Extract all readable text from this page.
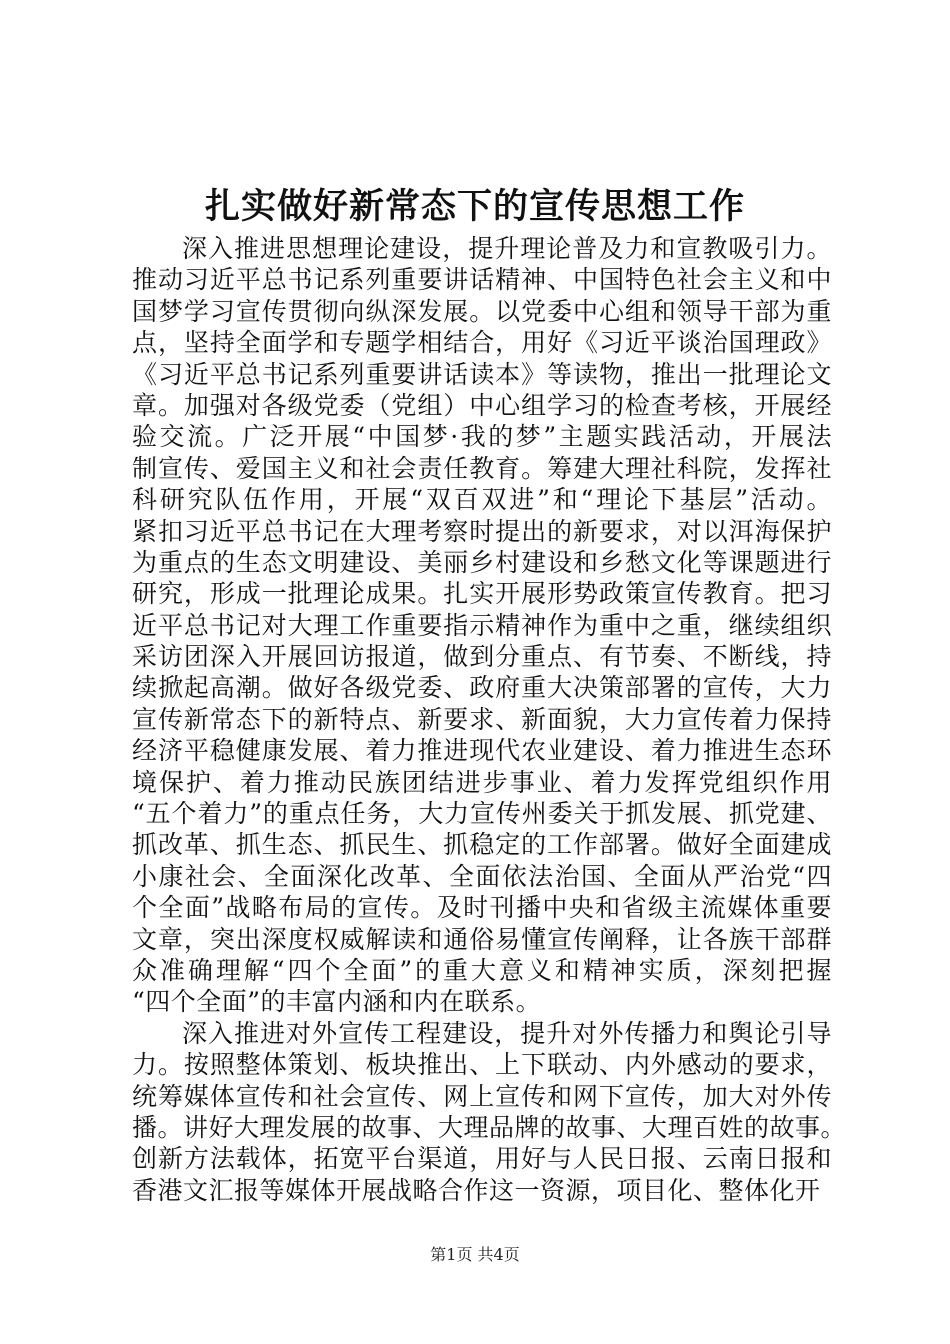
扎实做好新常态下的宣传思想工作
深入推进思想理论建设，提升理论普及力和宣教吸引力。
推动习近平总书记系列重要讲话精神、中国特色社会主义和中
国梦学习宣传贯彻向纵深发展。以党委中心组和领导干部为重
点，坚持全面学和专题学相结合，用好《习近平谈治国理政》
《习近平总书记系列重要讲话读本》等读物，推出一批理论文
章。加强对各级党委（党组）中心组学习的检查考核，开展经
验交流。广泛开展“中国梦·我的梦”主题实践活动，开展法
制宣传、爱国主义和社会责任教育。筹建大理社科院，发挥社
科研究队伍作用，开展“双百双进”和“理论下基层”活动。
紧扣习近平总书记在大理考察时提出的新要求，对以洱海保护
为重点的生态文明建设、美丽乡村建设和乡愁文化等课题进行
研究，形成一批理论成果。扎实开展形势政策宣传教育。把习
近平总书记对大理工作重要指示精神作为重中之重，继续组织
采访团深入开展回访报道，做到分重点、有节奏、不断线，持
续掀起高潮。做好各级党委、政府重大决策部署的宣传，大力
宣传新常态下的新特点、新要求、新面貌，大力宣传着力保持
经济平稳健康发展、着力推进现代农业建设、着力推进生态环
境保护、着力推动民族团结进步事业、着力发挥党组织作用
“五个着力”的重点任务，大力宣传州委关于抓发展、抓党建、
抓改革、抓生态、抓民生、抓稳定的工作部署。做好全面建成
小康社会、全面深化改革、全面依法治国、全面从严治党“四
个全面”战略布局的宣传。及时刊播中央和省级主流媒体重要
文章，突出深度权威解读和通俗易懂宣传阐释，让各族干部群
众准确理解“四个全面”的重大意义和精神实质，深刻把握
“四个全面”的丰富内涵和内在联系。
深入推进对外宣传工程建设，提升对外传播力和舆论引导
力。按照整体策划、板块推出、上下联动、内外感动的要求，
统筹媒体宣传和社会宣传、网上宣传和网下宣传，加大对外传
播。讲好大理发展的故事、大理品牌的故事、大理百姓的故事。
创新方法载体，拓宽平台渠道，用好与人民日报、云南日报和
香港文汇报等媒体开展战略合作这一资源，项目化、整体化开
第1页 共4页
